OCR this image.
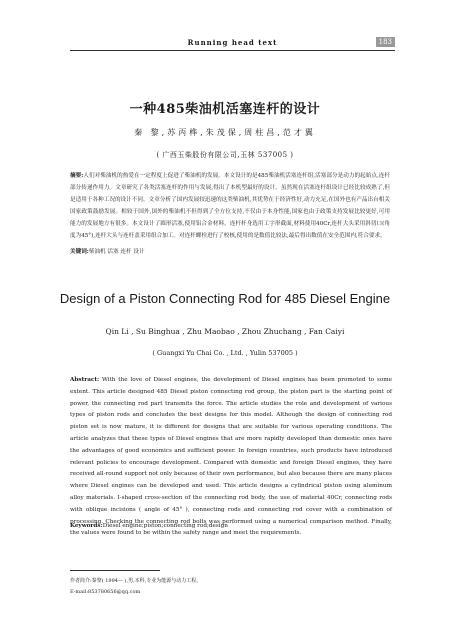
Running head text	183
一种485柴油机活塞连杆的设计
秦 黎,苏丙桦,朱茂保,周柱昌,范才翼
( 广西玉柴股份有限公司,玉林 537005 )
摘要:人们对柴油机的热爱在一定程度上促进了柴油机的发展。本文设计的是485柴油机活塞连杆组,活塞部分是动力的起始点,连杆部分传递作用力。文章研究了各类活塞连杆的作用与发展,得出了本机型最好的设计。虽然现在活塞连杆组设计已经比较成熟了,但是适用于各种工况的设计不同。文章分析了国内发展较迅速的这类柴油机,其优势在于经济性好,动力充足,在国外也有产品出台相关国家政策鼓励发展。相较于国外,国外的柴油机不但得到了全方位支持,不仅由于本身性能,国家也由于政策支持发展比较更好,可用能力的发展地方有很多。本文设计了圆形活塞,使用铝合金材料。连杆杆身选用工字形截面,材料使用40Cr,连杆大头采用斜切口(角度为45°),连杆大头与连杆盖采用组合加工。对连杆螺栓进行了校核,使用的是数值比较法,最后得出数值在安全范围内,符合要求。
关键词:柴油机 活塞 连杆 设计
Design of a Piston Connecting Rod for 485 Diesel Engine
Qin Li , Su Binghua , Zhu Maobao , Zhou Zhuchang , Fan Caiyi
( Guangxi Yu Chai Co. , Ltd. , Yulin 537005 )
Abstract: With the love of Diesel engines, the development of Diesel engines has been promoted to some extent. This article designed 485 Diesel piston connecting rod group, the piston part is the starting point of power, the connecting rod part transmits the force. The article studies the role and development of various types of piston rods and concludes the best designs for this model. Although the design of connecting rod piston set is now mature, it is different for designs that are suitable for various operating conditions. The article analyzes that these types of Diesel engines that are more rapidly developed than domestic ones have the advantages of good economics and sufficient power. In foreign countries, such products have introduced relevant policies to encourage development. Compared with domestic and foreign Diesel engines, they have received all-round support not only because of their own performance, but also because there are many places where Diesel engines can be developed and used. This article designs a cylindrical piston using aluminum alloy materials. I-shaped cross-section of the connecting rod body, the use of material 40Cr, connecting rods with oblique incisions ( angle of 45° ), connecting rods and connecting rod cover with a combination of processing. Checking the connecting rod bolts was performed using a numerical comparison method. Finally, the values were found to be within the safety range and meet the requirements.
Keywords:Diesel engine;piston;connecting rod;design
作者简介:秦黎( 1994— ),男,本科,专业为能源与动力工程。
E-mail:853780656@qq.com
